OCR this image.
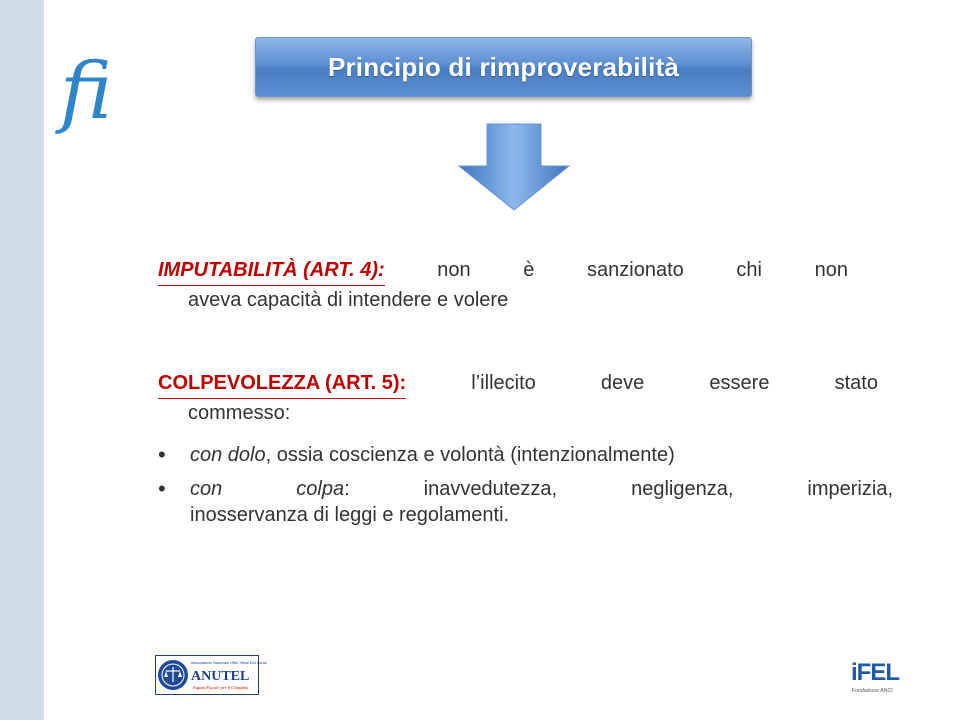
fi	Principio di rimproverabilità
IMPUTABILITÀ (ART. 4):	non	è	sanzionato	chi	non
aveva capacità di intendere e volere
COLPEVOLEZZA (ART. 5):	l’illecito	deve	essere	stato
commesso:
• con dolo, ossia coscienza e volontà (intenzionalmente)
• con	colpa:	inavvedutezza,	negligenza,	imperizia,
inosservanza di leggi e regolamenti.
Associazione Nazionale Uffici Tributi Enti Locali
ANUTEL
Equità Fiscale per il Cittadino
iFEL
Fondazione ANCI
